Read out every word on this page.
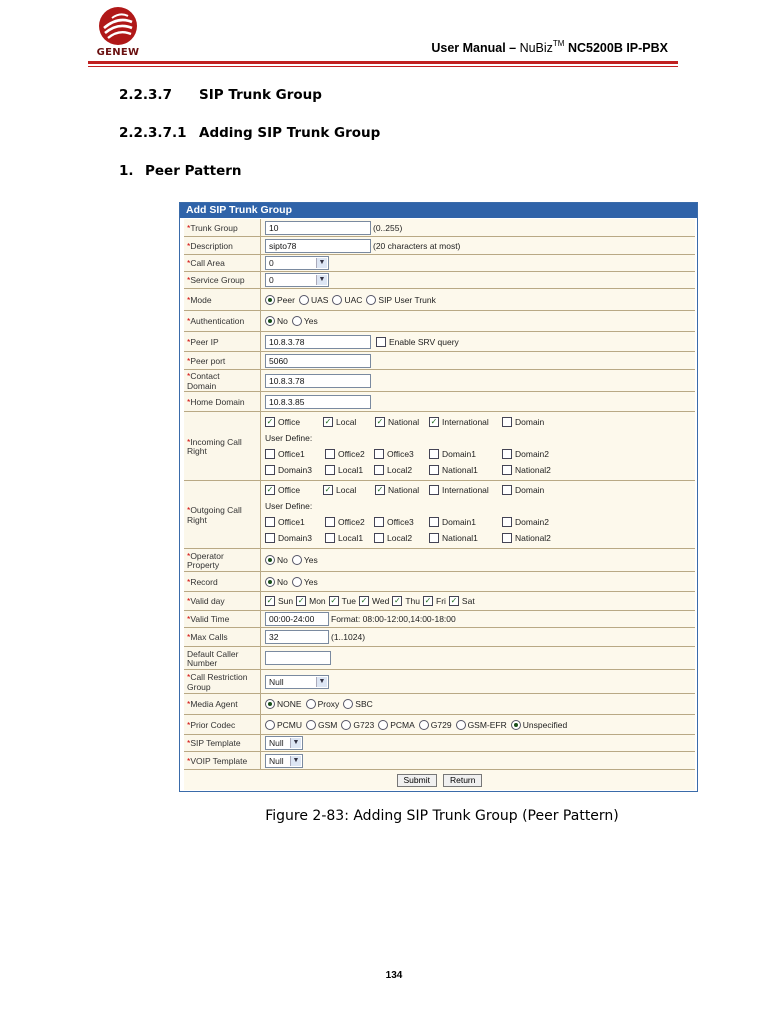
GENEW	User Manual – NuBiz™ NC5200B IP-PBX
2.2.3.7 SIP Trunk Group
2.2.3.7.1 Adding SIP Trunk Group
1. Peer Pattern
Add SIP Trunk Group
* Trunk Group	10	(0..255)
* Description	sipto78	(20 characters at most)
* Call Area	0	▼
* Service Group	0	▼
* Mode	Peer UAS UAC SIP User Trunk
* Authentication	No Yes
* Peer IP	10.8.3.78	Enable SRV query
* Peer port	5060
*Contact
Domain	10.8.3.78
* Home Domain	10.8.3.85
*Incoming Call
Right
✓ Office	✓ Local	✓ National ✓ International	Domain
User Define:
Office1	Office2	Office3	Domain1	Domain2
Domain3	Local1	Local2	National1	National2
*Outgoing Call
Right
✓ Office	✓ Local	✓ National	International	Domain
User Define:
Office1	Office2	Office3	Domain1	Domain2
Domain3	Local1	Local2	National1	National2
*Operator
Property	No Yes
* Record	No Yes
* Valid day	✓ Sun ✓ Mon ✓ Tue ✓ Wed ✓ Thu ✓ Fri ✓ Sat
* Valid Time	00:00-24:00	Format: 08:00-12:00,14:00-18:00
* Max Calls	32	(1..1024)
Default Caller
Number
*Call Restriction
Group	Null	▼
* Media Agent	NONE Proxy SBC
* Prior Codec	PCMU GSM G723 PCMA G729 GSM-EFR Unspecified
* SIP Template	Null	▼
* VOIP Template	Null	▼
Submit	Return
Figure 2-83: Adding SIP Trunk Group (Peer Pattern)
134
